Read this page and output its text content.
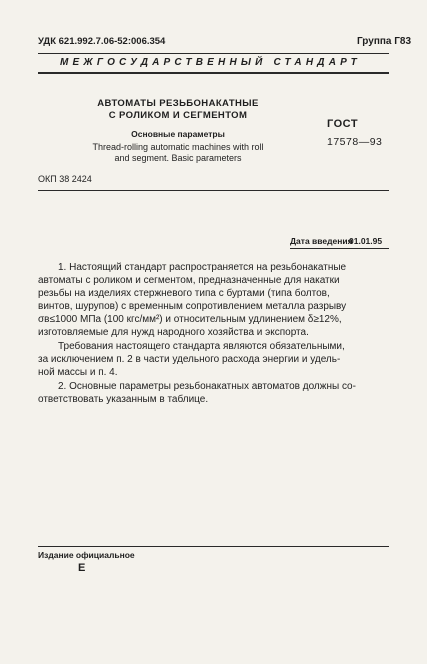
УДК 621.992.7.06-52:006.354	Группа Г83
МЕЖГОСУДАРСТВЕННЫЙ СТАНДАРТ
АВТОМАТЫ РЕЗЬБОНАКАТНЫЕ
С РОЛИКОМ И СЕГМЕНТОМ
Основные параметры
Thread-rolling automatic machines with roll
and segment. Basic parameters
ГОСТ
17578—93
ОКП 38 2424
Дата введения
01.01.95
1. Настоящий стандарт распространяется на резьбонакатные
автоматы с роликом и сегментом, предназначенные для накатки
резьбы на изделиях стержневого типа с буртами (типа болтов,
винтов, шурупов) с временным сопротивлением металла разрыву
σв≤1000 МПа (100 кгс/мм²) и относительным удлинением δ≥12%,
изготовляемые для нужд народного хозяйства и экспорта.
Требования настоящего стандарта являются обязательными,
за исключением п. 2 в части удельного расхода энергии и удель-
ной массы и п. 4.
2. Основные параметры резьбонакатных автоматов должны со-
ответствовать указанным в таблице.
Издание официальное
Е
